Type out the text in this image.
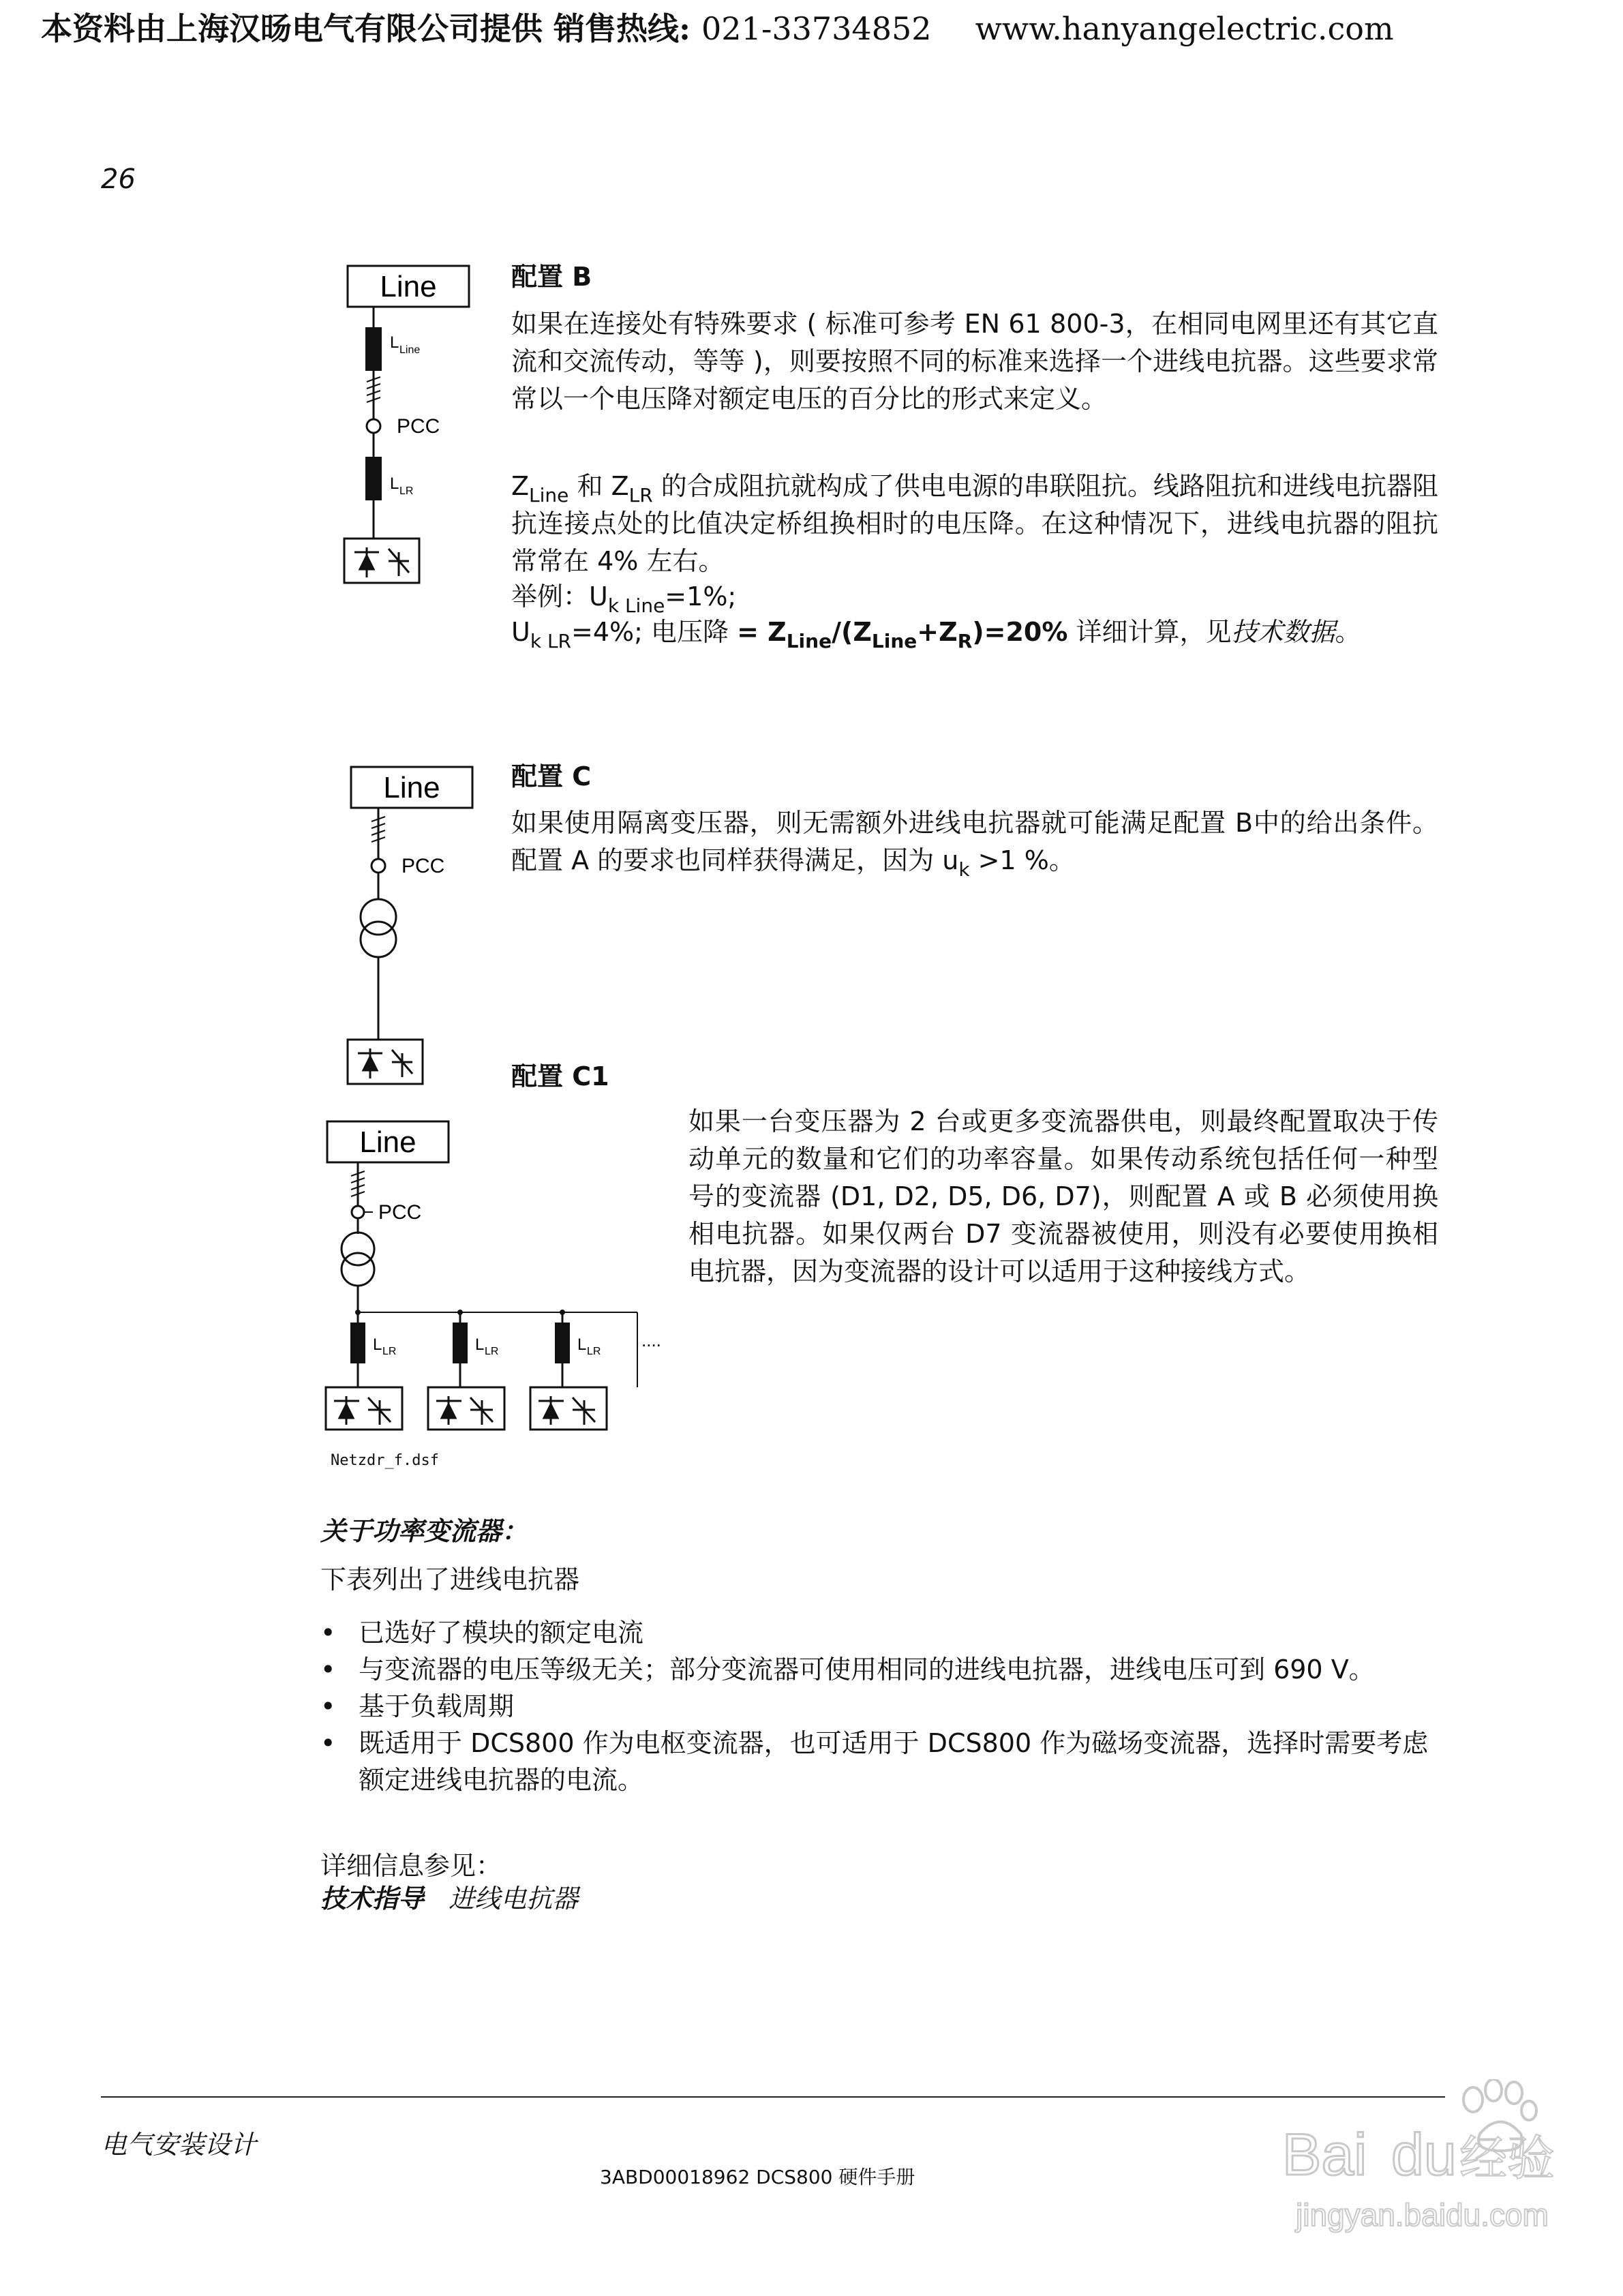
本资料由上海汉旸电气有限公司提供 销售热线: 021-33734852 www.hanyangelectric.com
26
Line
L Line
PCC
L LR
配置 B
如果在连接处有特殊要求 ( 标准可参考 EN 61 800-3，在相同电网里还有其它直流和交流传动，等等 )，则要按照不同的标准来选择一个进线电抗器。这些要求常常以一个电压降对额定电压的百分比的形式来定义。
$Z_{Line}$ 和 $Z_{LR}$ 的合成阻抗就构成了供电电源的串联阻抗。线路阻抗和进线电抗器阻抗连接点处的比值决定桥组换相时的电压降。在这种情况下，进线电抗器的阻抗常常在 4% 左右。
举例：$U_{k Line}=1\%$;
$U_{k LR}=4\%$; 电压降 = $Z_{Line}/(Z_{Line}+Z_R)=20\%$ 详细计算，见技术数据。
Line
PCC
配置 C
如果使用隔离变压器，则无需额外进线电抗器就可能满足配置 B中的给出条件。配置 A 的要求也同样获得满足，因为 $u_k >1$ %。
配置 C1
如果一台变压器为 2 台或更多变流器供电，则最终配置取决于传动单元的数量和它们的功率容量。如果传动系统包括任何一种型号的变流器 (D1, D2, D5, D6, D7)，则配置 A 或 B 必须使用换相电抗器。如果仅两台 D7 变流器被使用，则没有必要使用换相电抗器，因为变流器的设计可以适用于这种接线方式。
Line
PCC
....
L LR	L LR	L LR
Netzdr_f.dsf
关于功率变流器：
下表列出了进线电抗器
• 已选好了模块的额定电流
• 与变流器的电压等级无关；部分变流器可使用相同的进线电抗器，进线电压可到 690 V。
• 基于负载周期
• 既适用于 DCS800 作为电枢变流器，也可适用于 DCS800 作为磁场变流器，选择时需要考虑额定进线电抗器的电流。
详细信息参见：
技术指导 进线电抗器
电气安装设计
3ABD00018962 DCS800 硬件手册	Bai du 经验
jingyan.baidu.com
